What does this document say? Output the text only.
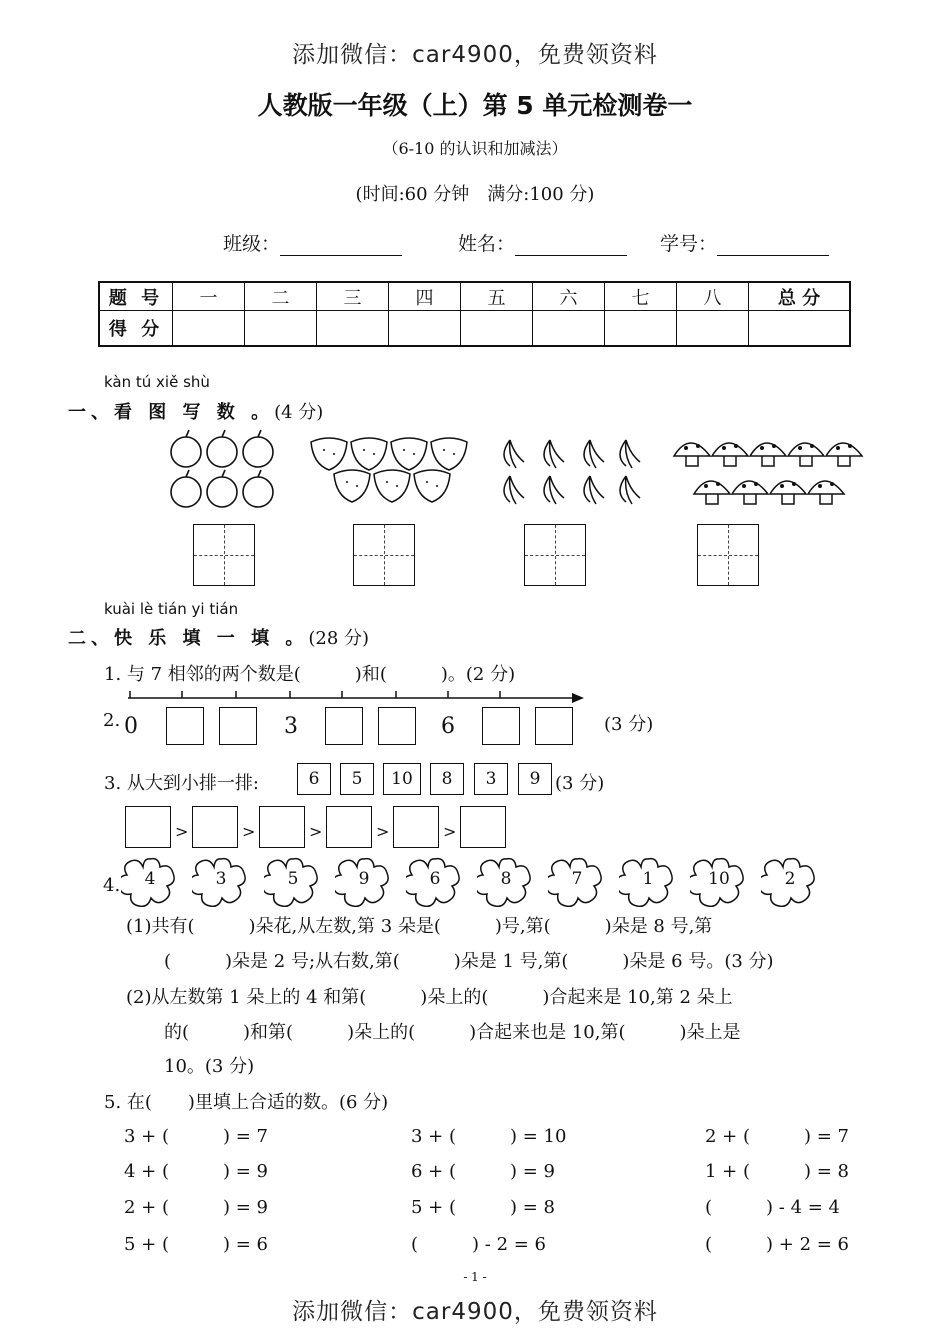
添加微信：car4900，免费领资料
添加微信：car4900，免费领资料
人教版一年级（上）第 5 单元检测卷一
（6-10 的认识和加减法）
(时间:60 分钟　满分:100 分)
班级：	姓名：	学号：
题 号	一	二	三	四	五	六	七	八	总 分
得 分									
kàn tú xiě shù
一、看 图 写 数 。(4 分)
kuài lè tián yi tián
二、快 乐 填 一 填 。(28 分)
1. 与 7 相邻的两个数是(　　　)和(　　　)。(2 分)
2. 0	3	6	(3 分)
3. 从大到小排一排:	6	5	10	8	3	9 (3 分)
>	>	>	>	>
4.	4	3	5	9	6	8	7	1	10	2
(1)共有(　　　)朵花,从左数,第 3 朵是(　　　)号,第(　　　)朵是 8 号,第
(　　　)朵是 2 号;从右数,第(　　　)朵是 1 号,第(　　　)朵是 6 号。(3 分)
(2)从左数第 1 朵上的 4 和第(　　　)朵上的(　　　)合起来是 10,第 2 朵上
的(　　　)和第(　　　)朵上的(　　　)合起来也是 10,第(　　　)朵上是
10。(3 分)
5. 在(　　)里填上合适的数。(6 分)
3 + (　　　) = 7	3 + (　　　) = 10	2 + (　　　) = 7
4 + (　　　) = 9	6 + (　　　) = 9	1 + (　　　) = 8
2 + (　　　) = 9	5 + (　　　) = 8	(　　　) - 4 = 4
5 + (　　　) = 6	(　　　) - 2 = 6	(　　　) + 2 = 6
- 1 -
